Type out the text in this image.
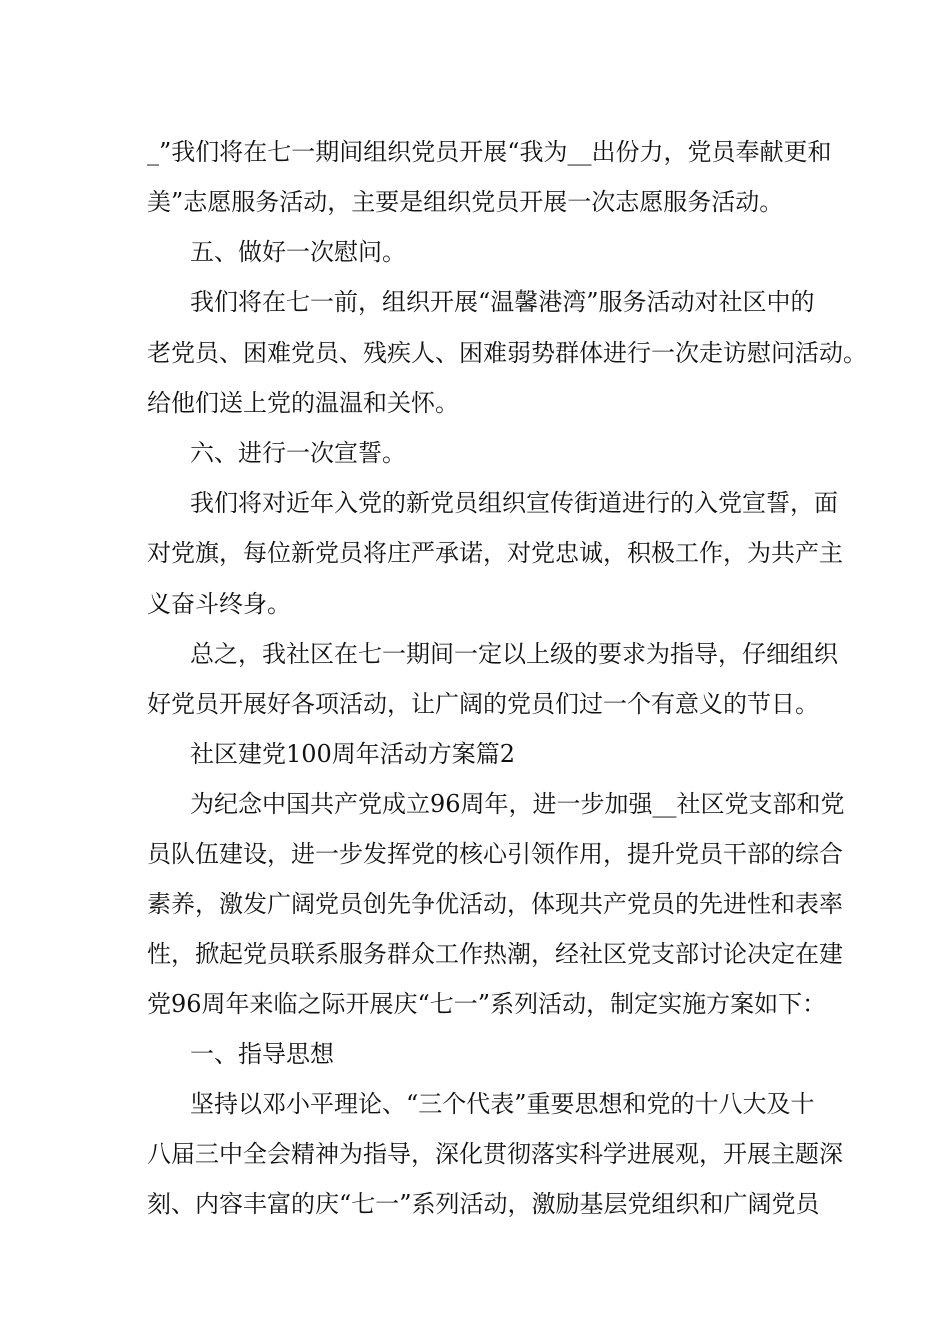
_”我们将在七一期间组织党员开展“我为__出份力，党员奉献更和
美”志愿服务活动，主要是组织党员开展一次志愿服务活动。
五、做好一次慰问。
我们将在七一前，组织开展“温馨港湾”服务活动对社区中的
老党员、困难党员、残疾人、困难弱势群体进行一次走访慰问活动。
给他们送上党的温温和关怀。
六、进行一次宣誓。
我们将对近年入党的新党员组织宣传街道进行的入党宣誓，面
对党旗，每位新党员将庄严承诺，对党忠诚，积极工作，为共产主
义奋斗终身。
总之，我社区在七一期间一定以上级的要求为指导，仔细组织
好党员开展好各项活动，让广阔的党员们过一个有意义的节日。
社区建党100周年活动方案篇2
为纪念中国共产党成立96周年，进一步加强__社区党支部和党
员队伍建设，进一步发挥党的核心引领作用，提升党员干部的综合
素养，激发广阔党员创先争优活动，体现共产党员的先进性和表率
性，掀起党员联系服务群众工作热潮，经社区党支部讨论决定在建
党96周年来临之际开展庆“七一”系列活动，制定实施方案如下：
一、指导思想
坚持以邓小平理论、“三个代表”重要思想和党的十八大及十
八届三中全会精神为指导，深化贯彻落实科学进展观，开展主题深
刻、内容丰富的庆“七一”系列活动，激励基层党组织和广阔党员
